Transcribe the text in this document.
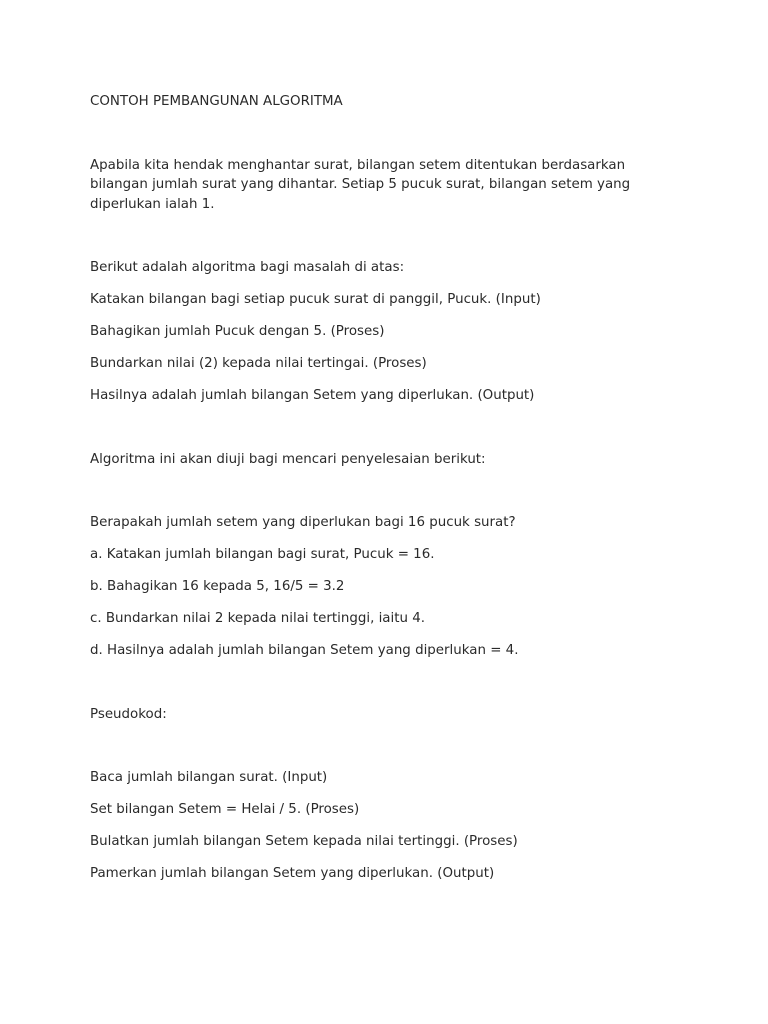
CONTOH PEMBANGUNAN ALGORITMA

Apabila kita hendak menghantar surat, bilangan setem ditentukan berdasarkan
bilangan jumlah surat yang dihantar. Setiap 5 pucuk surat, bilangan setem yang
diperlukan ialah 1.

Berikut adalah algoritma bagi masalah di atas:

Katakan bilangan bagi setiap pucuk surat di panggil, Pucuk. (Input)

Bahagikan jumlah Pucuk dengan 5. (Proses)

Bundarkan nilai (2) kepada nilai tertingai. (Proses)

Hasilnya adalah jumlah bilangan Setem yang diperlukan. (Output)

Algoritma ini akan diuji bagi mencari penyelesaian berikut:

Berapakah jumlah setem yang diperlukan bagi 16 pucuk surat?

a. Katakan jumlah bilangan bagi surat, Pucuk = 16.

b. Bahagikan 16 kepada 5, 16/5 = 3.2

c. Bundarkan nilai 2 kepada nilai tertinggi, iaitu 4.

d. Hasilnya adalah jumlah bilangan Setem yang diperlukan = 4.

Pseudokod:

Baca jumlah bilangan surat. (Input)

Set bilangan Setem = Helai / 5. (Proses)

Bulatkan jumlah bilangan Setem kepada nilai tertinggi. (Proses)

Pamerkan jumlah bilangan Setem yang diperlukan. (Output)
